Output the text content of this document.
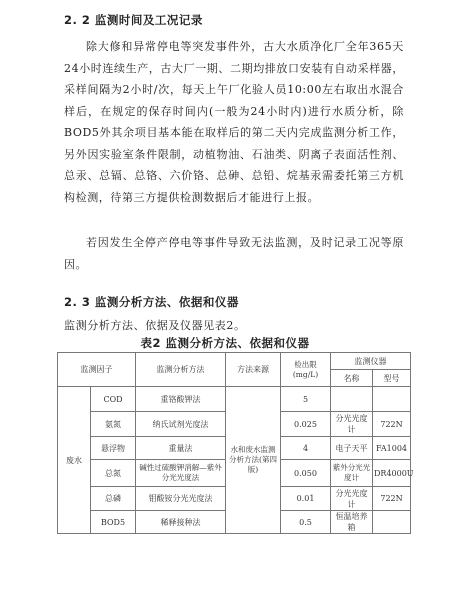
2. 2 监测时间及工况记录

除大修和异常停电等突发事件外，古大水质净化厂全年365天24小时连续生产，古大厂一期、二期均排放口安装有自动采样器，采样间隔为2小时/次，每天上午厂化验人员10:00左右取出水混合样后，在规定的保存时间内(一般为24小时内)进行水质分析，除BOD5外其余项目基本能在取样后的第二天内完成监测分析工作，另外因实验室条件限制，动植物油、石油类、阴离子表面活性剂、总汞、总镉、总铬、六价铬、总砷、总铅、烷基汞需委托第三方机构检测，待第三方提供检测数据后才能进行上报。

若因发生全停产停电等事件导致无法监测，及时记录工况等原因。

2. 3 监测分析方法、依据和仪器
监测分析方法、依据及仪器见表2。
表2 监测分析方法、依据和仪器
监测因子		监测分析方法	方法来源	检出限(mg/L)	监测仪器	
					名称	型号
废水	COD	重铬酸钾法	水和废水监测分析方法(第四版)	5		
	氨氮	纳氏试剂光度法		0.025	分光光度计	722N
	悬浮物	重量法		4	电子天平	FA1004
	总氮	碱性过硫酸钾消解—紫外分光光度法		0.050	紫外分光光度计	DR4000U
	总磷	钼酸铵分光光度法		0.01	分光光度计	722N
	BOD5	稀释接种法		0.5	恒温培养箱	
